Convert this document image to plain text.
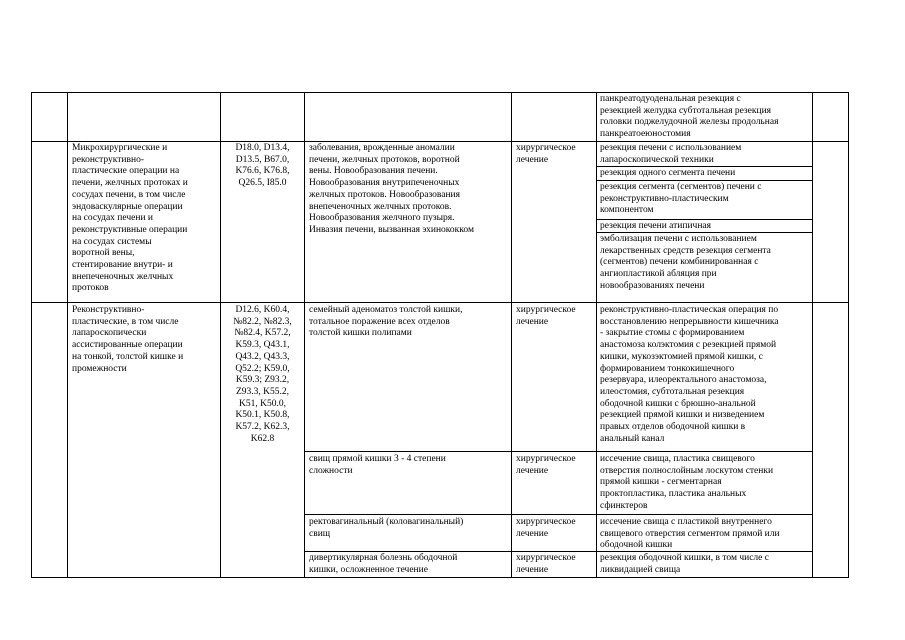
панкреатодуоденальная резекция с
резекцией желудка субтотальная резекция
головки поджелудочной железы продольная
панкреатоеюностомия
Микрохирургические и
реконструктивно-
пластические операции на
печени, желчных протоках и
сосудах печени, в том числе
эндоваскулярные операции
на сосудах печени и
реконструктивные операции
на сосудах системы
воротной вены,
стентирование внутри- и
внепеченочных желчных
протоков
D18.0, D13.4,
D13.5, B67.0,
K76.6, K76.8,
Q26.5, I85.0
заболевания, врожденные аномалии
печени, желчных протоков, воротной
вены. Новообразования печени.
Новообразования внутрипеченочных
желчных протоков. Новообразования
внепеченочных желчных протоков.
Новообразования желчного пузыря.
Инвазия печени, вызванная эхинококком
хирургическое
лечение
резекция печени с использованием
лапароскопической техники
резекция одного сегмента печени
резекция сегмента (сегментов) печени с
реконструктивно-пластическим
компонентом
резекция печени атипичная
эмболизация печени с использованием
лекарственных средств резекция сегмента
(сегментов) печени комбинированная с
ангиопластикой абляция при
новообразованиях печени
Реконструктивно-
пластические, в том числе
лапароскопически
ассистированные операции
на тонкой, толстой кишке и
промежности
D12.6, K60.4,
№82.2, №82.3,
№82.4, K57.2,
K59.3, Q43.1,
Q43.2, Q43.3,
Q52.2; K59.0,
K59.3; Z93.2,
Z93.3, K55.2,
K51, K50.0,
K50.1, K50.8,
K57.2, K62.3,
K62.8
семейный аденоматоз толстой кишки,
тотальное поражение всех отделов
толстой кишки полипами
хирургическое
лечение
реконструктивно-пластическая операция по
восстановлению непрерывности кишечника
- закрытие стомы с формированием
анастомоза колэктомия с резекцией прямой
кишки, мукозэктомией прямой кишки, с
формированием тонкокишечного
резервуара, илеоректального анастомоза,
илеостомия, субтотальная резекция
ободочной кишки с брюшно-анальной
резекцией прямой кишки и низведением
правых отделов ободочной кишки в
анальный канал
свищ прямой кишки 3 - 4 степени
сложности
хирургическое
лечение
иссечение свища, пластика свищевого
отверстия полнослойным лоскутом стенки
прямой кишки - сегментарная
проктопластика, пластика анальных
сфинктеров
ректовагинальный (коловагинальный)
свищ
хирургическое
лечение
иссечение свища с пластикой внутреннего
свищевого отверстия сегментом прямой или
ободочной кишки
дивертикулярная болезнь ободочной
кишки, осложненное течение
хирургическое
лечение
резекция ободочной кишки, в том числе с
ликвидацией свища
